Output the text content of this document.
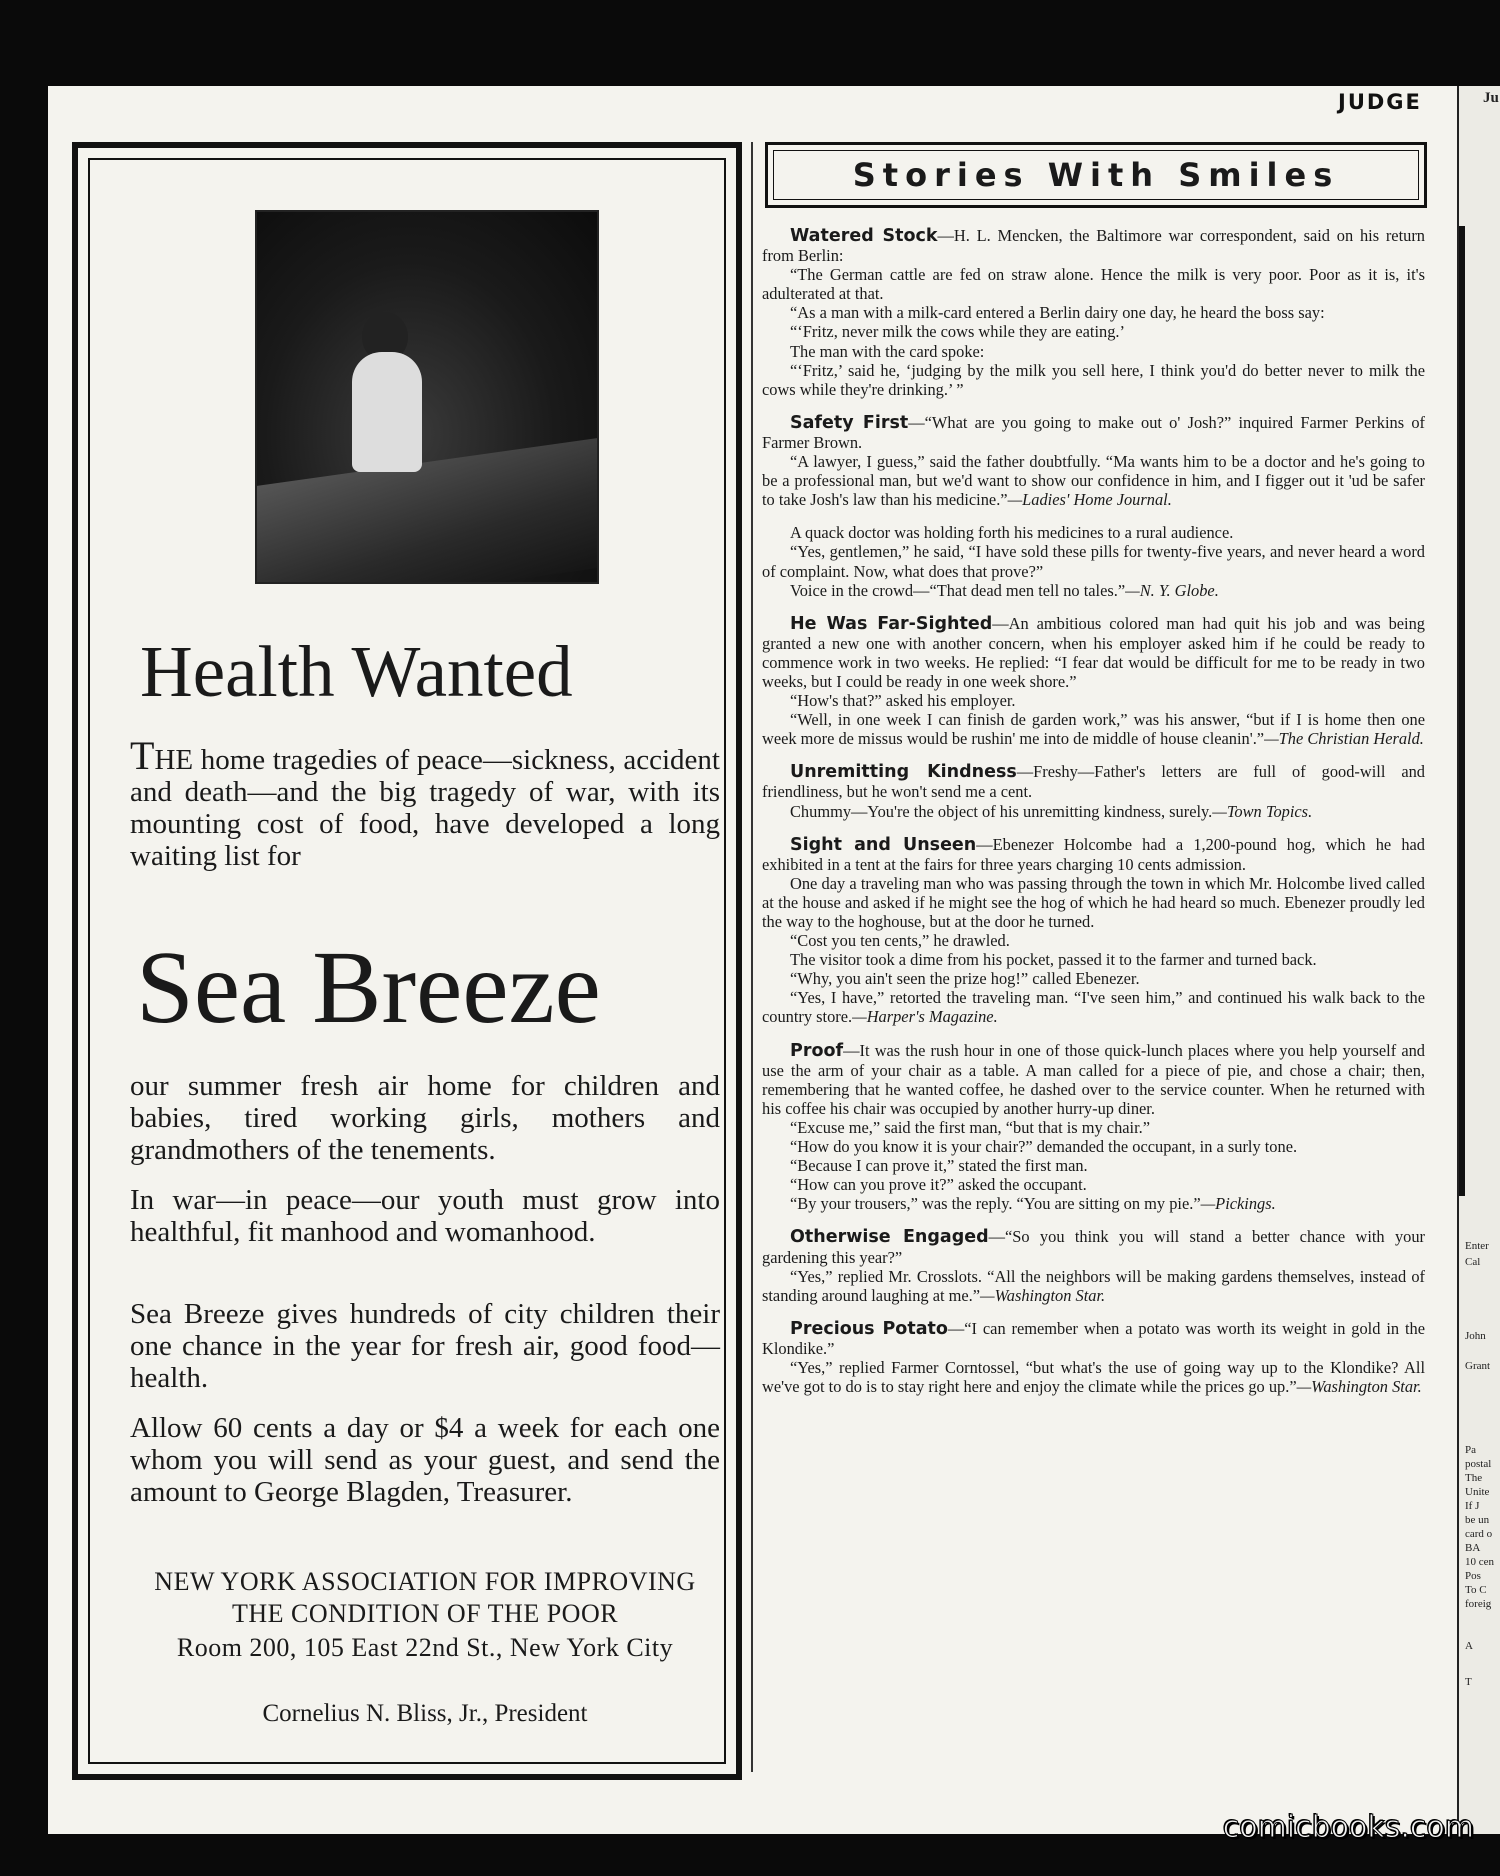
JUDGE
Health Wanted

THE home tragedies of peace—sickness, accident and death—and the big tragedy of war, with its mounting cost of food, have developed a long waiting list for

Sea Breeze

our summer fresh air home for children and babies, tired working girls, mothers and grandmothers of the tenements.

In war—in peace—our youth must grow into healthful, fit manhood and womanhood.

Sea Breeze gives hundreds of city children their one chance in the year for fresh air, good food—health.

Allow 60 cents a day or $4 a week for each one whom you will send as your guest, and send the amount to George Blagden, Treasurer.

NEW YORK ASSOCIATION FOR IMPROVING THE CONDITION OF THE POOR

Room 200, 105 East 22nd St., New York City

Cornelius N. Bliss, Jr., President
Stories With Smiles

Watered Stock—H. L. Mencken, the Baltimore war correspondent, said on his return from Berlin:

“The German cattle are fed on straw alone. Hence the milk is very poor. Poor as it is, it's adulterated at that.

“As a man with a milk-card entered a Berlin dairy one day, he heard the boss say:

“‘Fritz, never milk the cows while they are eating.’

The man with the card spoke:

“‘Fritz,’ said he, ‘judging by the milk you sell here, I think you'd do better never to milk the cows while they're drinking.’ ”

Safety First—“What are you going to make out o' Josh?” inquired Farmer Perkins of Farmer Brown.

“A lawyer, I guess,” said the father doubtfully. “Ma wants him to be a doctor and he's going to be a professional man, but we'd want to show our confidence in him, and I figger out it 'ud be safer to take Josh's law than his medicine.”—Ladies' Home Journal.

A quack doctor was holding forth his medicines to a rural audience.

“Yes, gentlemen,” he said, “I have sold these pills for twenty-five years, and never heard a word of complaint. Now, what does that prove?”

Voice in the crowd—“That dead men tell no tales.”—N. Y. Globe.

He Was Far-Sighted—An ambitious colored man had quit his job and was being granted a new one with another concern, when his employer asked him if he could be ready to commence work in two weeks. He replied: “I fear dat would be difficult for me to be ready in two weeks, but I could be ready in one week shore.”

“How's that?” asked his employer.

“Well, in one week I can finish de garden work,” was his answer, “but if I is home then one week more de missus would be rushin' me into de middle of house cleanin'.”—The Christian Herald.

Unremitting Kindness—Freshy—Father's letters are full of good-will and friendliness, but he won't send me a cent.

Chummy—You're the object of his unremitting kindness, surely.—Town Topics.

Sight and Unseen—Ebenezer Holcombe had a 1,200-pound hog, which he had exhibited in a tent at the fairs for three years charging 10 cents admission.

One day a traveling man who was passing through the town in which Mr. Holcombe lived called at the house and asked if he might see the hog of which he had heard so much. Ebenezer proudly led the way to the hoghouse, but at the door he turned.

“Cost you ten cents,” he drawled.

The visitor took a dime from his pocket, passed it to the farmer and turned back.

“Why, you ain't seen the prize hog!” called Ebenezer.

“Yes, I have,” retorted the traveling man. “I've seen him,” and continued his walk back to the country store.—Harper's Magazine.

Proof—It was the rush hour in one of those quick-lunch places where you help yourself and use the arm of your chair as a table. A man called for a piece of pie, and chose a chair; then, remembering that he wanted coffee, he dashed over to the service counter. When he returned with his coffee his chair was occupied by another hurry-up diner.

“Excuse me,” said the first man, “but that is my chair.”

“How do you know it is your chair?” demanded the occupant, in a surly tone.

“Because I can prove it,” stated the first man.

“How can you prove it?” asked the occupant.

“By your trousers,” was the reply. “You are sitting on my pie.”—Pickings.

Otherwise Engaged—“So you think you will stand a better chance with your gardening this year?”

“Yes,” replied Mr. Crosslots. “All the neighbors will be making gardens themselves, instead of standing around laughing at me.”—Washington Star.

Precious Potato—“I can remember when a potato was worth its weight in gold in the Klondike.”

“Yes,” replied Farmer Corntossel, “but what's the use of going way up to the Klondike? All we've got to do is to stay right here and enjoy the climate while the prices go up.”—Washington Star.

Ju
Enter
Cal
John
Grant
Pa
postal
The
Unite
If J
be un
card o
BA
10 cen
Pos
To C
foreig
A
T
comicbooks.com
